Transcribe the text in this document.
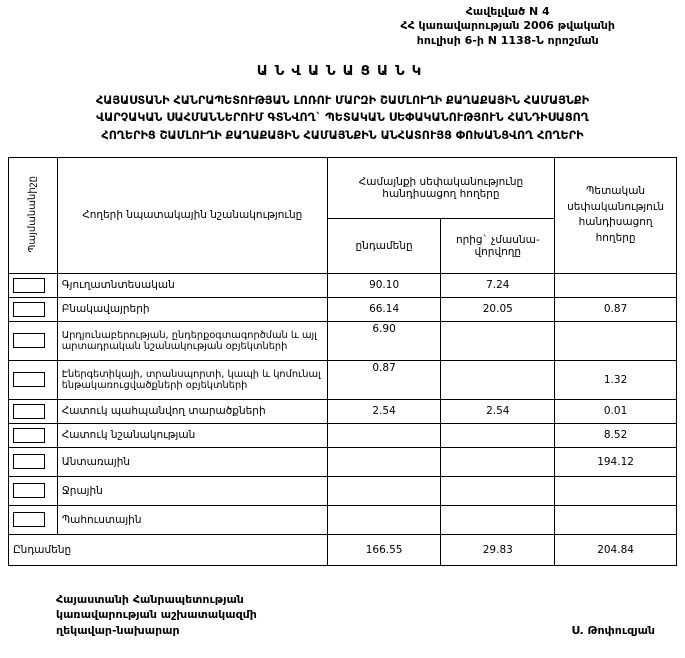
Հավելված N 4
ՀՀ կառավարության 2006 թվականի
հուլիսի 6-ի N 1138-Ն որոշման
ԱՆՎԱՆԱՑԱՆԿ
ՀԱՅԱՍՏԱՆԻ ՀԱՆՐԱՊԵՏՈՒԹՅԱՆ ԼՈՌՈՒ ՄԱՐԶԻ ՇԱՄԼՈՒՂԻ ՔԱՂԱՔԱՅԻՆ ՀԱՄԱՅՆՔԻ
ՎԱՐՉԱԿԱՆ ՍԱՀՄԱՆՆԵՐՈՒՄ ԳՏՆՎՈՂ` ՊԵՏԱԿԱՆ ՍԵՓԱԿԱՆՈՒԹՅՈՒՆ ՀԱՆԴԻՍԱՑՈՂ
ՀՈՂԵՐԻՑ ՇԱՄԼՈՒՂԻ ՔԱՂԱՔԱՅԻՆ ՀԱՄԱՅՆՔԻՆ ԱՆՀԱՏՈՒՅՑ ՓՈԽԱՆՑՎՈՂ ՀՈՂԵՐԻ
Պայմանանիշը	Հողերի նպատակային նշանակությունը	Համայնքի սեփականությունը հանդիսացող հողերը		Պետական սեփականություն հանդիսացող հողերը
		ընդամենը	որից` չմասնա-վորվողը	
	Գյուղատնտեսական	90.10	7.24	
	Բնակավայրերի	66.14	20.05	0.87
	Արդյունաբերության, ընդերքօգտագործման և այլ արտադրական նշանակության օբյեկտների	6.90		
	Էներգետիկայի, տրանսպորտի, կապի և կոմունալ ենթակառուցվածքների օբյեկտների	0.87		1.32
	Հատուկ պահպանվող տարածքների	2.54	2.54	0.01
	Հատուկ նշանակության			8.52
	Անտառային			194.12
	Ջրային			
	Պահուստային			
Ընդամենը		166.55	29.83	204.84
Հայաստանի Հանրապետության
կառավարության աշխատակազմի
ղեկավար-նախարար	Ս. Թոփուզյան
